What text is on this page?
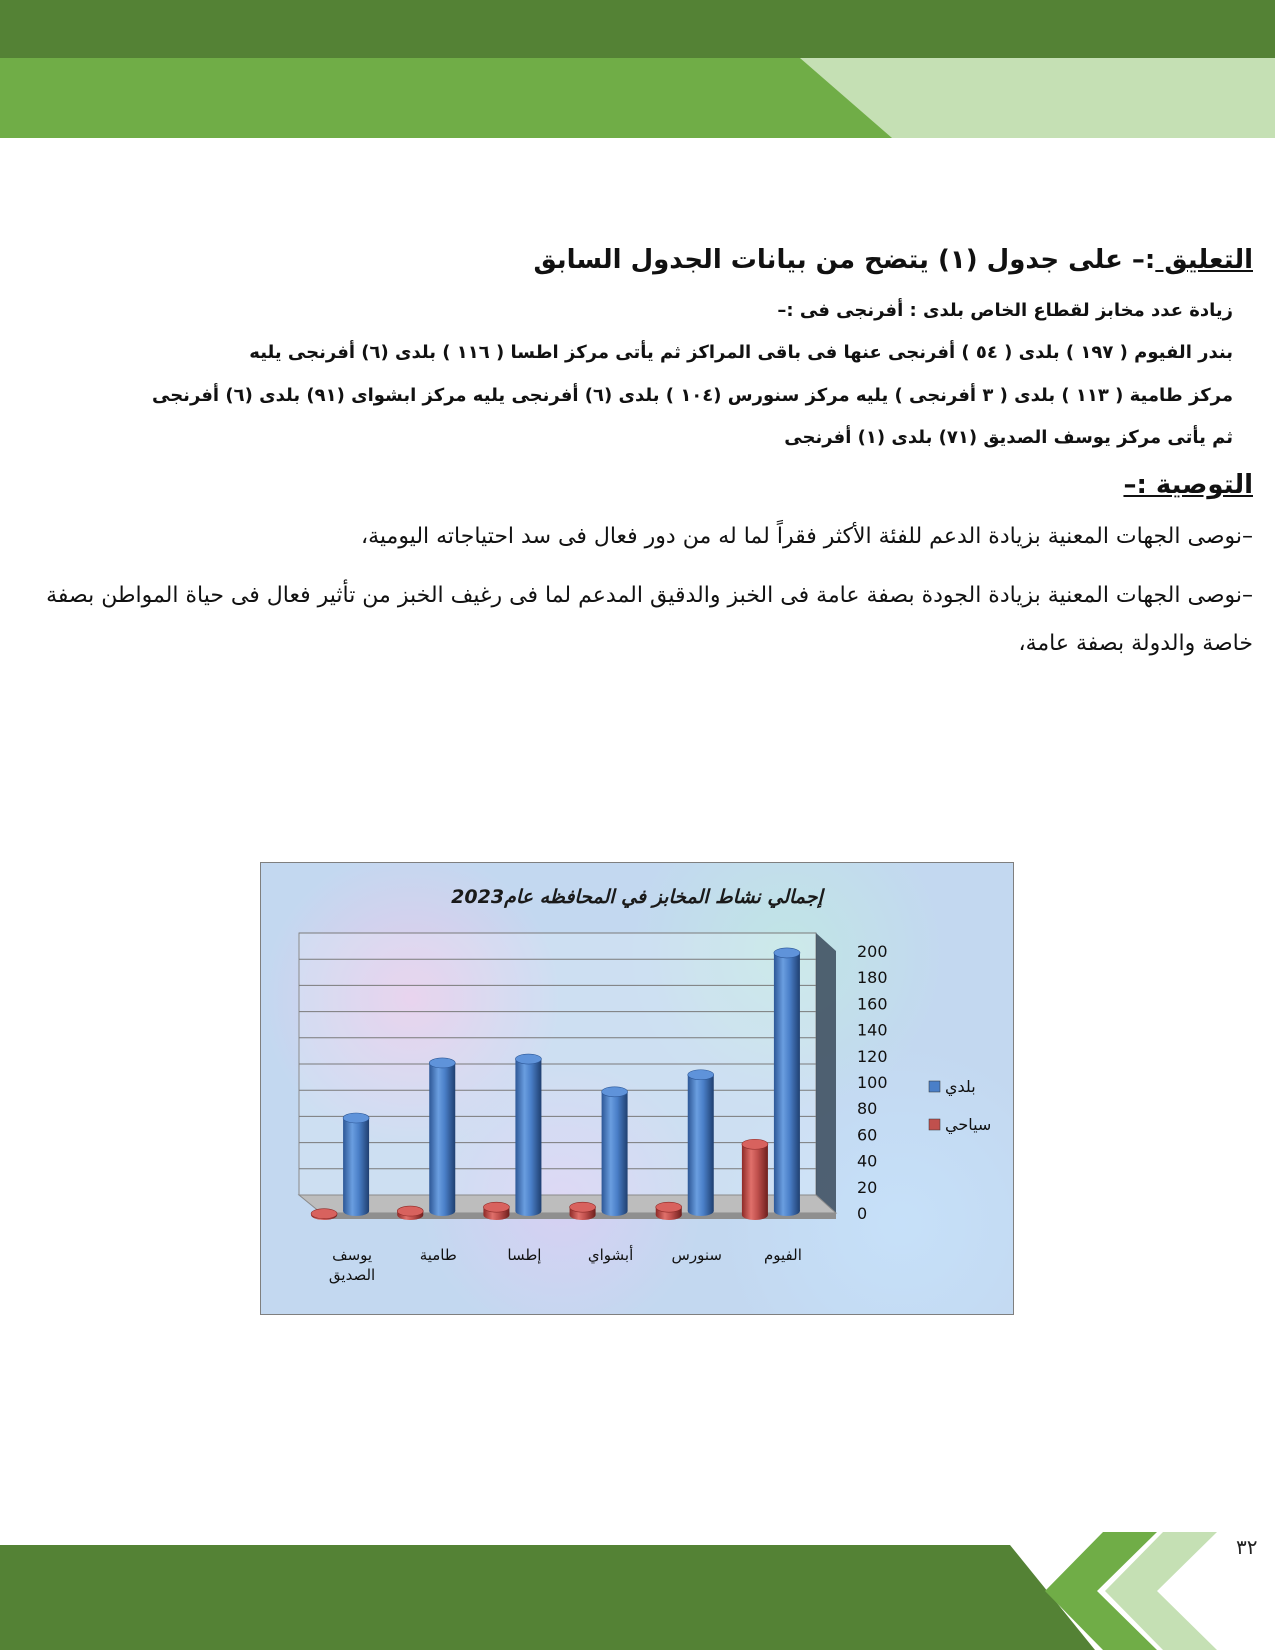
التعليق :– على جدول (١) يتضح من بيانات الجدول السابق
زيادة عدد مخابز لقطاع الخاص بلدى : أفرنجى فى :–
بندر الفيوم ( ١٩٧ ) بلدى ( ٥٤ ) أفرنجى عنها فى باقى المراكز ثم يأتى مركز اطسا ( ١١٦ ) بلدى (٦) أفرنجى يليه
مركز طامية ( ١١٣ ) بلدى ( ٣ أفرنجى ) يليه مركز سنورس (١٠٤ ) بلدى (٦) أفرنجى يليه مركز ابشواى (٩١) بلدى (٦) أفرنجى
ثم يأتى مركز يوسف الصديق (٧١) بلدى (١) أفرنجى
التوصية :–
–نوصى الجهات المعنية بزيادة الدعم للفئة الأكثر فقراً لما له من دور فعال فى سد احتياجاته اليومية،
–نوصى الجهات المعنية بزيادة الجودة بصفة عامة فى الخبز والدقيق المدعم لما فى رغيف الخبز من تأثير فعال فى حياة المواطن بصفة خاصة والدولة بصفة عامة،
إجمالي نشاط المخابز في المحافظه عام2023
0
20
40
60
80
100
120
140
160
180
200
يوسف الصديق
طامية	إطسا	أبشواي	سنورس	الفيوم
بلدي
سياحي
٣٢
